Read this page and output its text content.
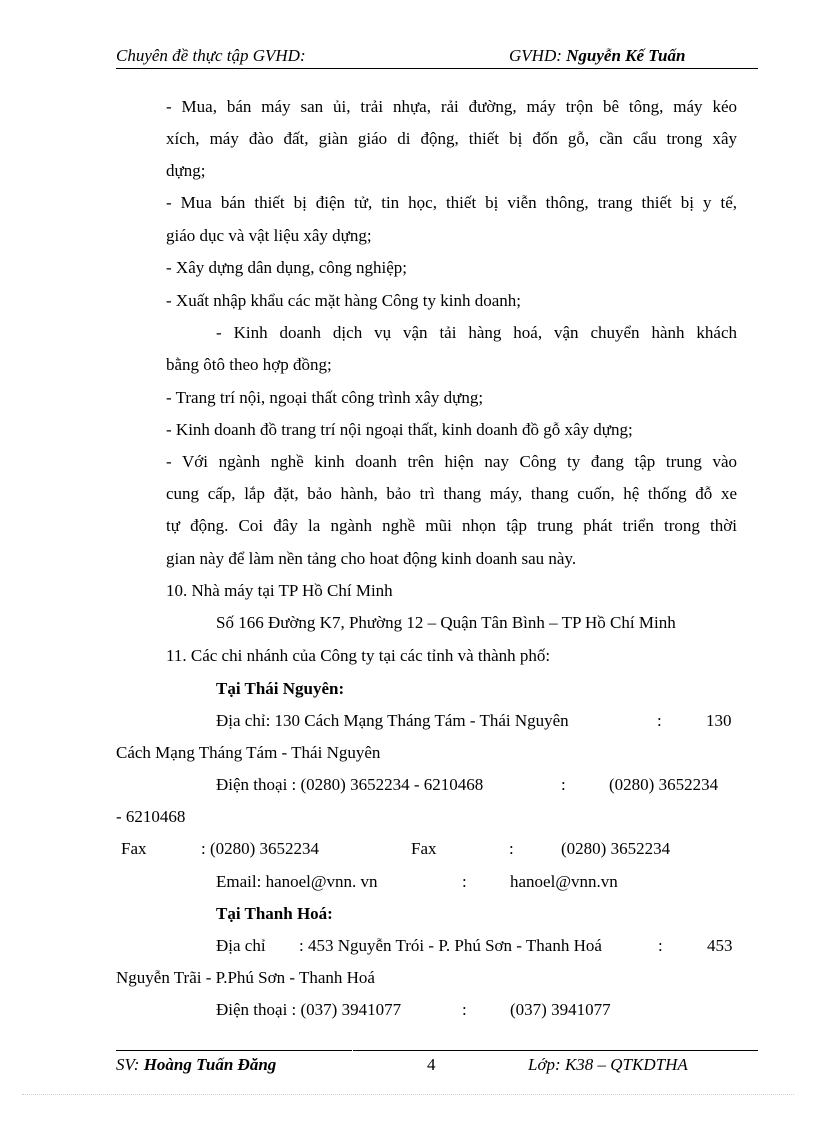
Chuyên đề thực tập GVHD:	GVHD: Nguyễn Kế Tuấn
- Mua, bán máy san ủi, trải nhựa, rải đường, máy trộn bê tông, máy kéo
xích, máy đào đất, giàn giáo di động, thiết bị đốn gỗ, cần cẩu trong xây
dựng;
- Mua bán thiết bị điện tử, tin học, thiết bị viễn thông, trang thiết bị y tế,
giáo dục và vật liệu xây dựng;
- Xây dựng dân dụng, công nghiệp;
- Xuất nhập khẩu các mặt hàng Công ty kinh doanh;
- Kinh doanh dịch vụ vận tải hàng hoá, vận chuyển hành khách
bằng ôtô theo hợp đồng;
- Trang trí nội, ngoại thất công trình xây dựng;
- Kinh doanh đồ trang trí nội ngoại thất, kinh doanh đồ gỗ xây dựng;
- Với ngành nghề kinh doanh trên hiện nay Công ty đang tập trung vào
cung cấp, lắp đặt, bảo hành, bảo trì thang máy, thang cuốn, hệ thống đỗ xe
tự động. Coi đây la ngành nghề mũi nhọn tập trung phát triển trong thời
gian này để làm nền tảng cho hoat động kinh doanh sau này.
10. Nhà máy tại TP Hồ Chí Minh
Số 166 Đường K7, Phường 12 – Quận Tân Bình – TP Hồ Chí Minh
11. Các chi nhánh của Công ty tại các tỉnh và thành phố:
Tại Thái Nguyên:
Địa chỉ: 130 Cách Mạng Tháng Tám - Thái Nguyên	:	130
Cách Mạng Tháng Tám - Thái Nguyên
Điện thoại : (0280) 3652234 - 6210468	:	(0280) 3652234
- 6210468
Fax	: (0280) 3652234	Fax	:	(0280) 3652234
Email: hanoel@vnn. vn	:	hanoel@vnn.vn
Tại Thanh Hoá:
Địa chỉ : 453 Nguyễn Trói - P. Phú Sơn - Thanh Hoá	:	453
Nguyễn Trãi - P.Phú Sơn - Thanh Hoá
Điện thoại : (037) 3941077	:	(037) 3941077
SV: Hoàng Tuấn Đăng	4	Lớp: K38 – QTKDTHA
